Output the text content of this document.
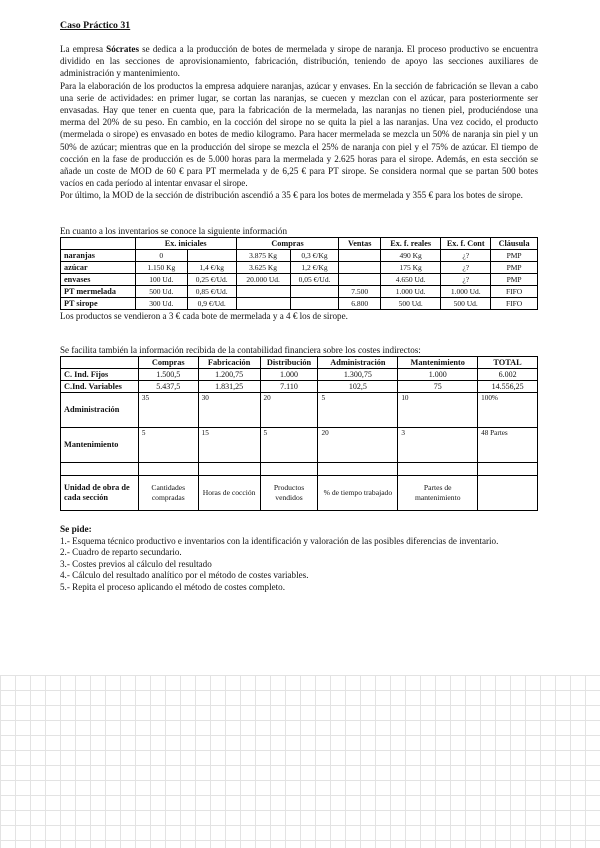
Caso Práctico 31

La empresa Sócrates se dedica a la producción de botes de mermelada y sirope de naranja. El proceso productivo se encuentra dividido en las secciones de aprovisionamiento, fabricación, distribución, teniendo de apoyo las secciones auxiliares de administración y mantenimiento.

Para la elaboración de los productos la empresa adquiere naranjas, azúcar y envases. En la sección de fabricación se llevan a cabo una serie de actividades: en primer lugar, se cortan las naranjas, se cuecen y mezclan con el azúcar, para posteriormente ser envasadas. Hay que tener en cuenta que, para la fabricación de la mermelada, las naranjas no tienen piel, produciéndose una merma del 20% de su peso. En cambio, en la cocción del sirope no se quita la piel a las naranjas. Una vez cocido, el producto (mermelada o sirope) es envasado en botes de medio kilogramo. Para hacer mermelada se mezcla un 50% de naranja sin piel y un 50% de azúcar; mientras que en la producción del sirope se mezcla el 25% de naranja con piel y el 75% de azúcar. El tiempo de cocción en la fase de producción es de 5.000 horas para la mermelada y 2.625 horas para el sirope. Además, en esta sección se añade un coste de MOD de 60 € para PT mermelada y de 6,25 € para PT sirope. Se considera normal que se partan 500 botes vacíos en cada período al intentar envasar el sirope.

Por último, la MOD de la sección de distribución ascendió a 35 € para los botes de mermelada y 355 € para los botes de sirope.

En cuanto a los inventarios se conoce la siguiente información

	Ex. iniciales		Compras		Ventas	Ex. f. reales	Ex. f. Cont	Cláusula
naranjas	0		3.875 Kg	0,3 €/Kg		490 Kg	¿?	PMP
azúcar	1.150 Kg	1,4 €/kg	3.625 Kg	1,2 €/Kg		175 Kg	¿?	PMP
envases	100 Ud.	0,25 €/Ud.	20.000 Ud.	0,05 €/Ud.		4.650 Ud.	¿?	PMP
PT mermelada	500 Ud.	0,85 €/Ud.			7.500	1.000 Ud.	1.000 Ud.	FIFO
PT sirope	300 Ud.	0,9 €/Ud.			6.800	500 Ud.	500 Ud.	FIFO

Los productos se vendieron a 3 € cada bote de mermelada y a 4 € los de sirope.

Se facilita también la información recibida de la contabilidad financiera sobre los costes indirectos:

	Compras	Fabricación	Distribución	Administración	Mantenimiento	TOTAL
C. Ind. Fijos	1.500,5	1.200,75	1.000	1.300,75	1.000	6.002
C.Ind. Variables	5.437,5	1.831,25	7.110	102,5	75	14.556,25
Administración	35	30	20	5	10	100%
Mantenimiento	5	15	5	20	3	48 Partes

Unidad de obra de cada sección	Cantidades compradas	Horas de cocción	Productos vendidos	% de tiempo trabajado	Partes de mantenimiento	

Se pide:

1.- Esquema técnico productivo e inventarios con la identificación y valoración de las posibles diferencias de inventario.

2.- Cuadro de reparto secundario.

3.- Costes previos al cálculo del resultado

4.- Cálculo del resultado analítico por el método de costes variables.

5.- Repita el proceso aplicando el método de costes completo.
